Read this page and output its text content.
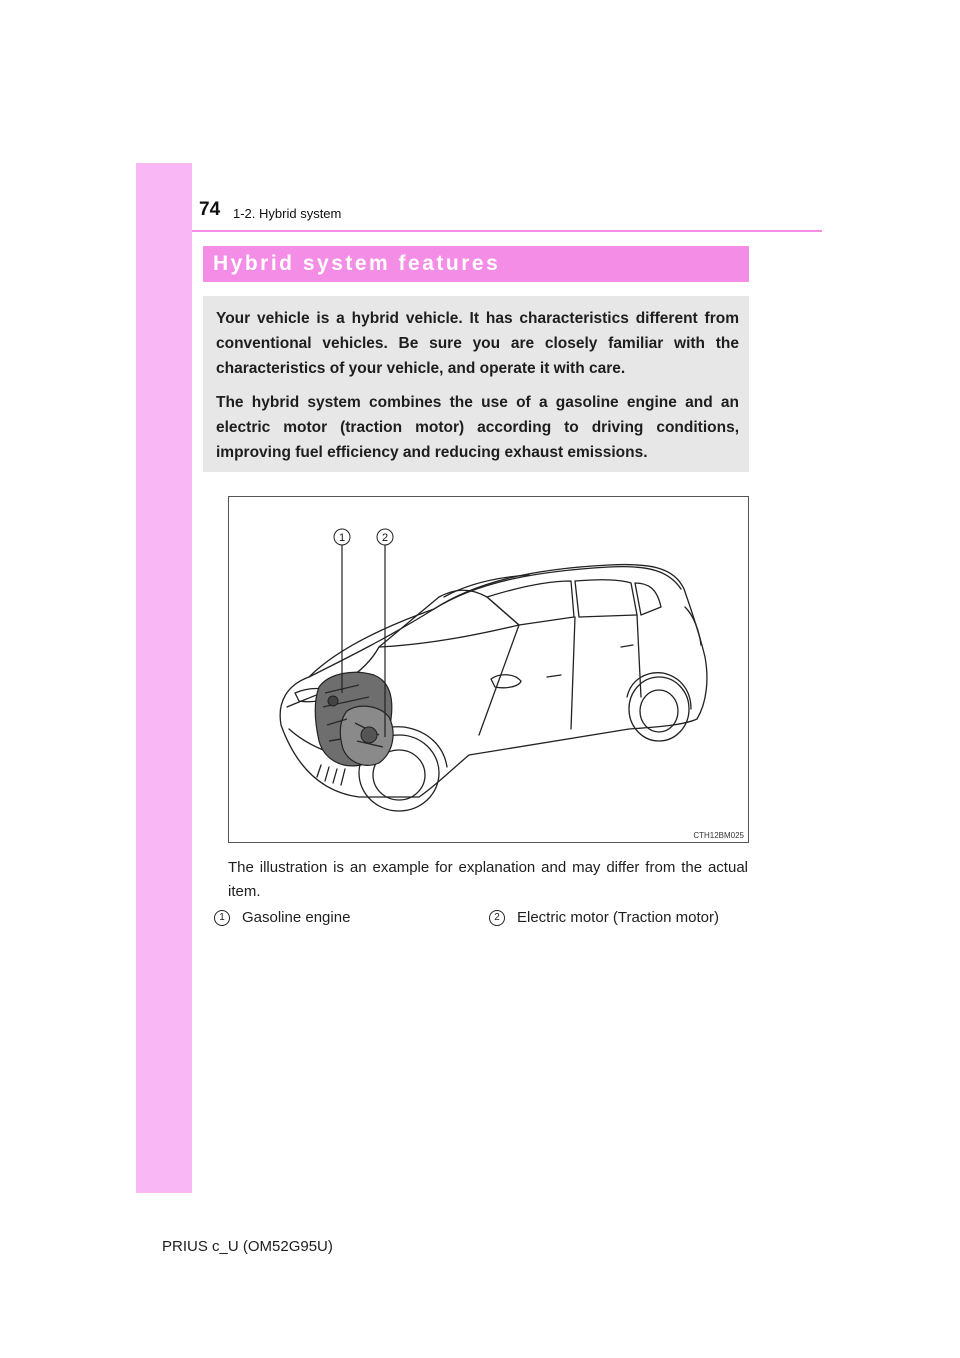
74 1-2. Hybrid system
Hybrid system features

Your vehicle is a hybrid vehicle. It has characteristics different from conventional vehicles. Be sure you are closely familiar with the characteristics of your vehicle, and operate it with care.

The hybrid system combines the use of a gasoline engine and an electric motor (traction motor) according to driving conditions, improving fuel efficiency and reducing exhaust emissions.

1	2
CTH12BM025
The illustration is an example for explanation and may differ from the actual item.
1	Gasoline engine	2	Electric motor (Traction motor)
PRIUS c_U (OM52G95U)
